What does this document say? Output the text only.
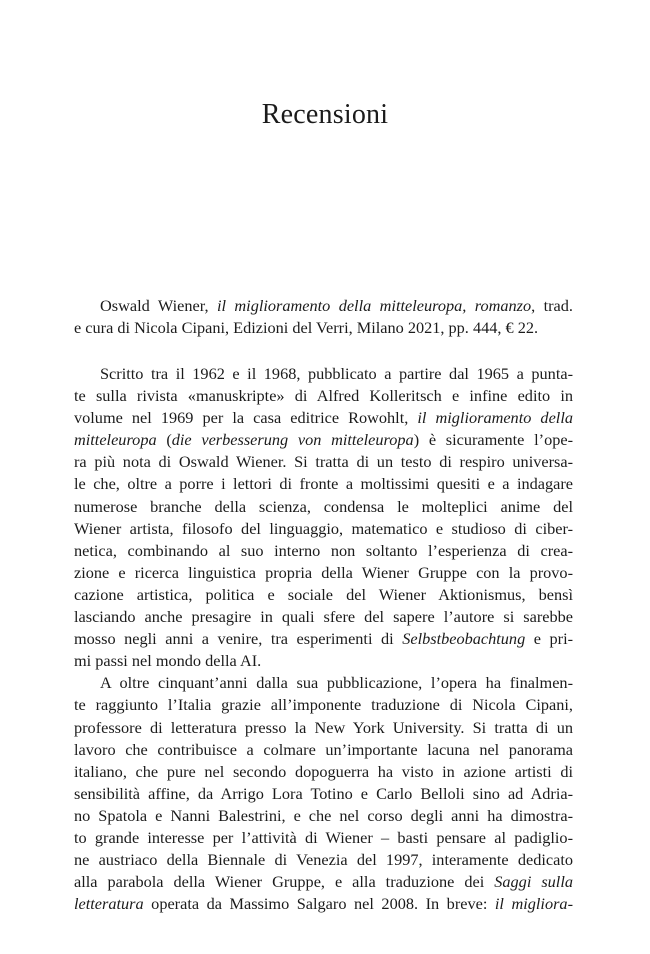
Recensioni
Oswald Wiener, il miglioramento della mitteleuropa, romanzo, trad.
e cura di Nicola Cipani, Edizioni del Verri, Milano 2021, pp. 444, € 22.
Scritto tra il 1962 e il 1968, pubblicato a partire dal 1965 a punta-
te sulla rivista «manuskripte» di Alfred Kolleritsch e infine edito in
volume nel 1969 per la casa editrice Rowohlt, il miglioramento della
mitteleuropa (die verbesserung von mitteleuropa) è sicuramente l’ope-
ra più nota di Oswald Wiener. Si tratta di un testo di respiro universa-
le che, oltre a porre i lettori di fronte a moltissimi quesiti e a indagare
numerose branche della scienza, condensa le molteplici anime del
Wiener artista, filosofo del linguaggio, matematico e studioso di ciber-
netica, combinando al suo interno non soltanto l’esperienza di crea-
zione e ricerca linguistica propria della Wiener Gruppe con la provo-
cazione artistica, politica e sociale del Wiener Aktionismus, bensì
lasciando anche presagire in quali sfere del sapere l’autore si sarebbe
mosso negli anni a venire, tra esperimenti di Selbstbeobachtung e pri-
mi passi nel mondo della AI.
A oltre cinquant’anni dalla sua pubblicazione, l’opera ha finalmen-
te raggiunto l’Italia grazie all’imponente traduzione di Nicola Cipani,
professore di letteratura presso la New York University. Si tratta di un
lavoro che contribuisce a colmare un’importante lacuna nel panorama
italiano, che pure nel secondo dopoguerra ha visto in azione artisti di
sensibilità affine, da Arrigo Lora Totino e Carlo Belloli sino ad Adria-
no Spatola e Nanni Balestrini, e che nel corso degli anni ha dimostra-
to grande interesse per l’attività di Wiener – basti pensare al padiglio-
ne austriaco della Biennale di Venezia del 1997, interamente dedicato
alla parabola della Wiener Gruppe, e alla traduzione dei Saggi sulla
letteratura operata da Massimo Salgaro nel 2008. In breve: il migliora-
